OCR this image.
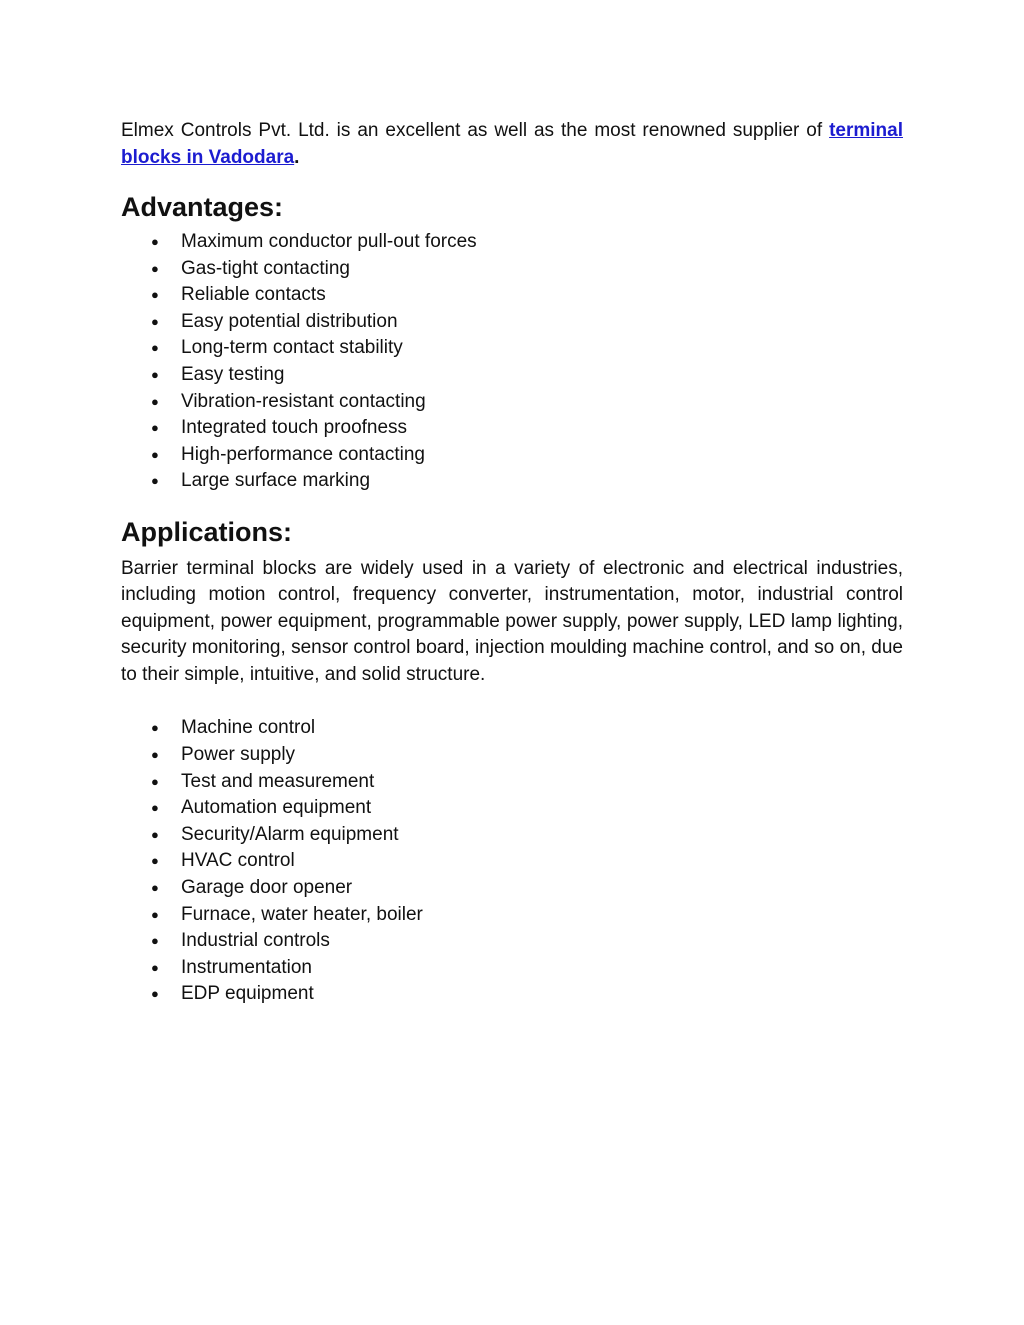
Elmex Controls Pvt. Ltd. is an excellent as well as the most renowned supplier of terminal blocks in Vadodara.

Advantages:
● Maximum conductor pull-out forces
● Gas-tight contacting
● Reliable contacts
● Easy potential distribution
● Long-term contact stability
● Easy testing
● Vibration-resistant contacting
● Integrated touch proofness
● High-performance contacting
● Large surface marking
Applications:

Barrier terminal blocks are widely used in a variety of electronic and electrical industries, including motion control, frequency converter, instrumentation, motor, industrial control equipment, power equipment, programmable power supply, power supply, LED lamp lighting, security monitoring, sensor control board, injection moulding machine control, and so on, due to their simple, intuitive, and solid structure.

● Machine control
● Power supply
● Test and measurement
● Automation equipment
● Security/Alarm equipment
● HVAC control
● Garage door opener
● Furnace, water heater, boiler
● Industrial controls
● Instrumentation
● EDP equipment
